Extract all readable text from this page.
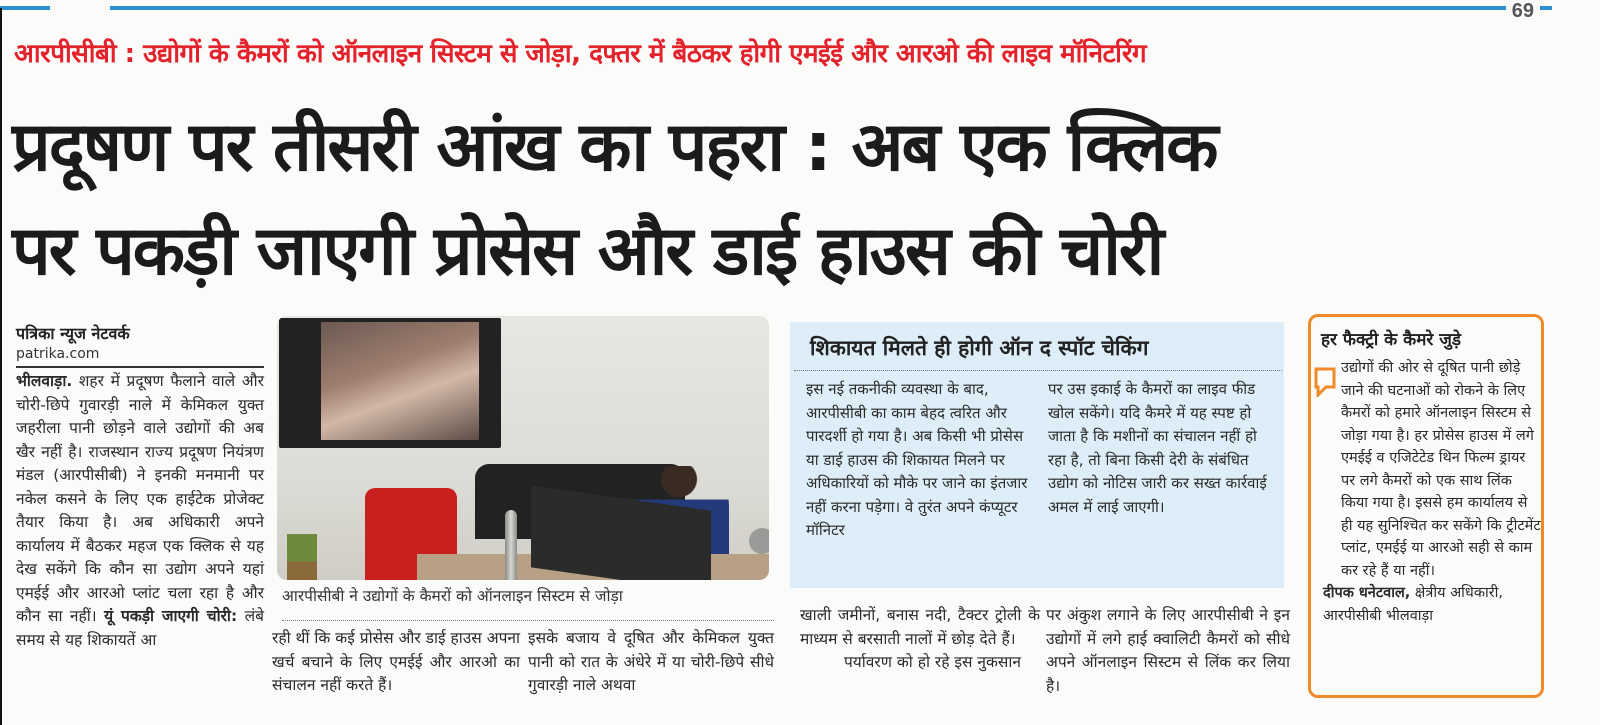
69
आरपीसीबी : उद्योगों के कैमरों को ऑनलाइन सिस्टम से जोड़ा, दफ्तर में बैठकर होगी एमईई और आरओ की लाइव मॉनिटरिंग
प्रदूषण पर तीसरी आंख का पहरा : अब एक क्लिक
पर पकड़ी जाएगी प्रोसेस और डाई हाउस की चोरी
पत्रिका न्यूज नेटवर्क
patrika.com
भीलवाड़ा. शहर में प्रदूषण फैलाने वाले और चोरी-छिपे गुवारड़ी नाले में केमिकल युक्त जहरीला पानी छोड़ने वाले उद्योगों की अब खैर नहीं है। राजस्थान राज्य प्रदूषण नियंत्रण मंडल (आरपीसीबी) ने इनकी मनमानी पर नकेल कसने के लिए एक हाईटेक प्रोजेक्ट तैयार किया है। अब अधिकारी अपने कार्यालय में बैठकर महज एक क्लिक से यह देख सकेंगे कि कौन सा उद्योग अपने यहां एमईई और आरओ प्लांट चला रहा है और कौन सा नहीं। यूं पकड़ी जाएगी चोरी: लंबे समय से यह शिकायतें आ
आरपीसीबी ने उद्योगों के कैमरों को ऑनलाइन सिस्टम से जोड़ा
रही थीं कि कई प्रोसेस और डाई हाउस अपना खर्च बचाने के लिए एमईई और आरओ का संचालन नहीं करते हैं।
इसके बजाय वे दूषित और केमिकल युक्त पानी को रात के अंधेरे में या चोरी-छिपे सीधे गुवारड़ी नाले अथवा
शिकायत मिलते ही होगी ऑन द स्पॉट चेकिंग
इस नई तकनीकी व्यवस्था के बाद, आरपीसीबी का काम बेहद त्वरित और पारदर्शी हो गया है। अब किसी भी प्रोसेस या डाई हाउस की शिकायत मिलने पर अधिकारियों को मौके पर जाने का इंतजार नहीं करना पड़ेगा। वे तुरंत अपने कंप्यूटर मॉनिटर
पर उस इकाई के कैमरों का लाइव फीड खोल सकेंगे। यदि कैमरे में यह स्पष्ट हो जाता है कि मशीनों का संचालन नहीं हो रहा है, तो बिना किसी देरी के संबंधित उद्योग को नोटिस जारी कर सख्त कार्रवाई अमल में लाई जाएगी।
खाली जमीनों, बनास नदी, टैक्टर ट्रोली के माध्यम से बरसाती नालों में छोड़ देते हैं।
पर्यावरण को हो रहे इस नुकसान
पर अंकुश लगाने के लिए आरपीसीबी ने इन उद्योगों में लगे हाई क्वालिटी कैमरों को सीधे अपने ऑनलाइन सिस्टम से लिंक कर लिया है।
हर फैक्ट्री के कैमरे जुड़े
उद्योगों की ओर से दूषित पानी छोड़े जाने की घटनाओं को रोकने के लिए कैमरों को हमारे ऑनलाइन सिस्टम से जोड़ा गया है। हर प्रोसेस हाउस में लगे एमईई व एजिटेटेड थिन फिल्म ड्रायर पर लगे कैमरों को एक साथ लिंक किया गया है। इससे हम कार्यालय से ही यह सुनिश्चित कर सकेंगे कि ट्रीटमेंट प्लांट, एमईई या आरओ सही से काम कर रहे हैं या नहीं।
दीपक धनेटवाल, क्षेत्रीय अधिकारी, आरपीसीबी भीलवाड़ा
